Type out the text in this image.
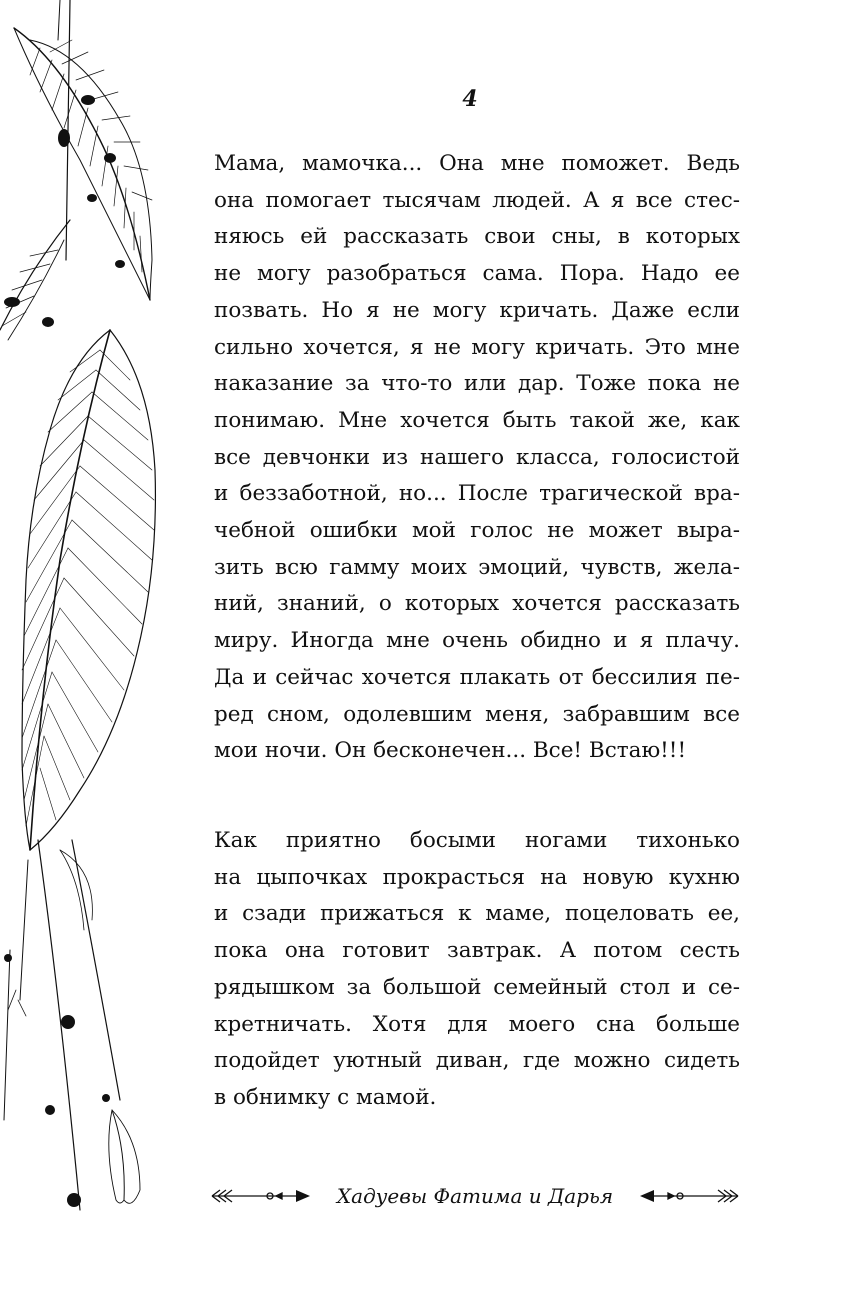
4

Мама, мамочка... Она мне поможет. Ведь
она помогает тысячам людей. А я все стес-
няюсь ей рассказать свои сны, в которых
не могу разобраться сама. Пора. Надо ее
позвать. Но я не могу кричать. Даже если
сильно хочется, я не могу кричать. Это мне
наказание за что-то или дар. Тоже пока не
понимаю. Мне хочется быть такой же, как
все девчонки из нашего класса, голосистой
и беззаботной, но... После трагической вра-
чебной ошибки мой голос не может выра-
зить всю гамму моих эмоций, чувств, жела-
ний, знаний, о которых хочется рассказать
миру. Иногда мне очень обидно и я плачу.
Да и сейчас хочется плакать от бессилия пе-
ред сном, одолевшим меня, забравшим все
мои ночи. Он бесконечен... Все! Встаю!!!

Как приятно босыми ногами тихонько
на цыпочках прокрасться на новую кухню
и сзади прижаться к маме, поцеловать ее,
пока она готовит завтрак. А потом сесть
рядышком за большой семейный стол и се-
кретничать. Хотя для моего сна больше
подойдет уютный диван, где можно сидеть
в обнимку с мамой.

Хадуевы Фатима и Дарья
